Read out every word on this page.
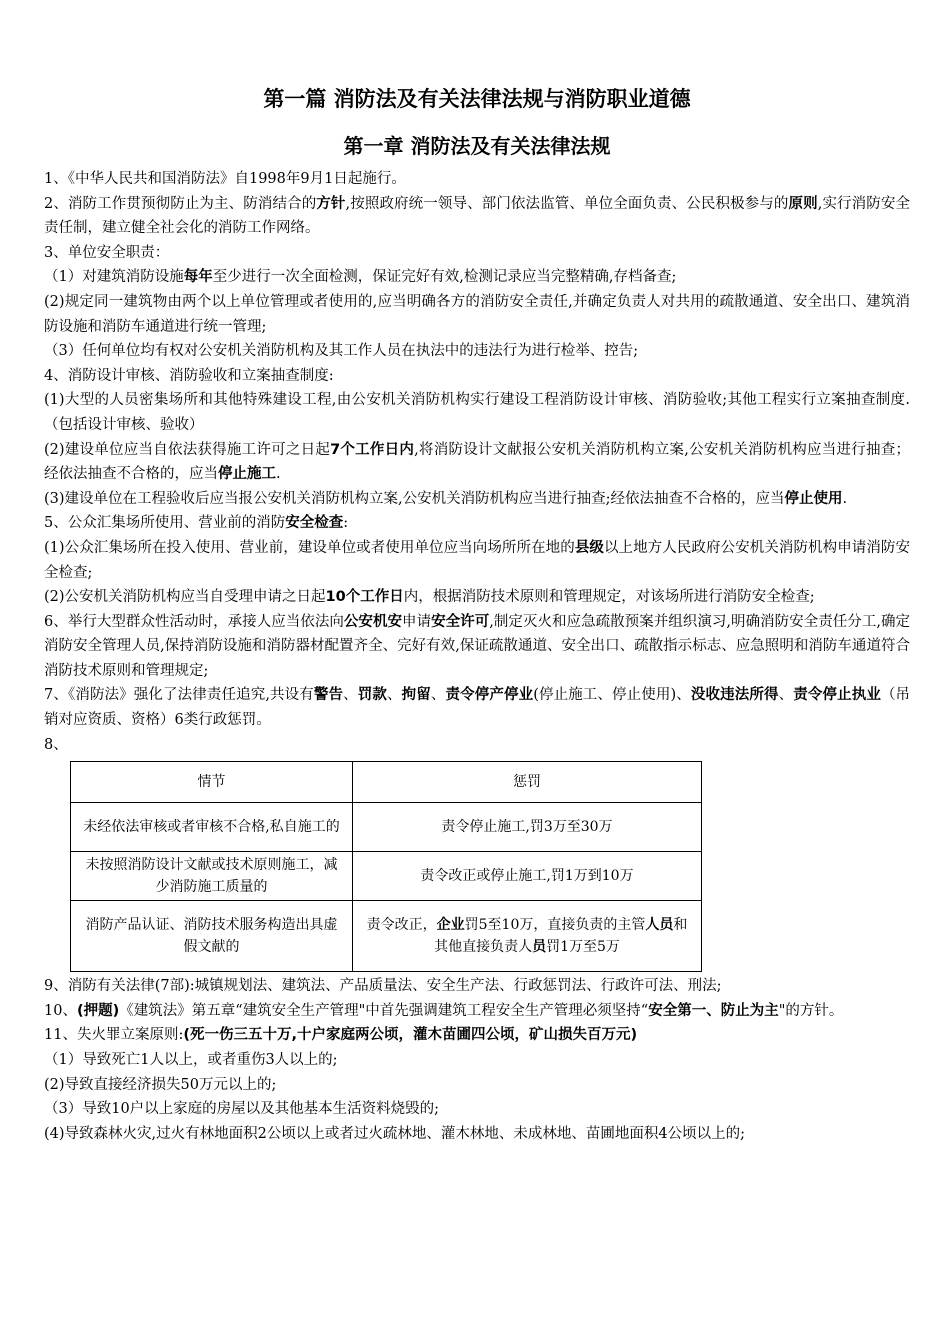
第一篇 消防法及有关法律法规与消防职业道德
第一章 消防法及有关法律法规

1、《中华人民共和国消防法》自1998年9月1日起施行。

2、消防工作贯预彻防止为主、防消结合的方针,按照政府统一领导、部门依法监管、单位全面负责、公民积极参与的原则,实行消防安全责任制，建立健全社会化的消防工作网络。

3、单位安全职责：

（1）对建筑消防设施每年至少进行一次全面检测，保证完好有效,检测记录应当完整精确,存档备查;

(2)规定同一建筑物由两个以上单位管理或者使用的,应当明确各方的消防安全责任,并确定负责人对共用的疏散通道、安全出口、建筑消防设施和消防车通道进行统一管理;

（3）任何单位均有权对公安机关消防机构及其工作人员在执法中的违法行为进行检举、控告;

4、消防设计审核、消防验收和立案抽查制度:

(1)大型的人员密集场所和其他特殊建设工程,由公安机关消防机构实行建设工程消防设计审核、消防验收;其他工程实行立案抽查制度.（包括设计审核、验收）

(2)建设单位应当自依法获得施工许可之日起7个工作日内,将消防设计文献报公安机关消防机构立案,公安机关消防机构应当进行抽查；经依法抽查不合格的，应当停止施工.

(3)建设单位在工程验收后应当报公安机关消防机构立案,公安机关消防机构应当进行抽查;经依法抽查不合格的，应当停止使用.

5、公众汇集场所使用、营业前的消防安全检查:

(1)公众汇集场所在投入使用、营业前，建设单位或者使用单位应当向场所所在地的县级以上地方人民政府公安机关消防机构申请消防安全检查;

(2)公安机关消防机构应当自受理申请之日起10个工作日内，根据消防技术原则和管理规定，对该场所进行消防安全检查;

6、举行大型群众性活动时，承接人应当依法向公安机安申请安全许可,制定灭火和应急疏散预案并组织演习,明确消防安全责任分工,确定消防安全管理人员,保持消防设施和消防器材配置齐全、完好有效,保证疏散通道、安全出口、疏散指示标志、应急照明和消防车通道符合消防技术原则和管理规定;

7、《消防法》强化了法律责任追究,共设有警告、罚款、拘留、责令停产停业(停止施工、停止使用)、没收违法所得、责令停止执业（吊销对应资质、资格）6类行政惩罚。

8、

情节	惩罚
未经依法审核或者审核不合格,私自施工的	责令停止施工,罚3万至30万
未按照消防设计文献或技术原则施工，减少消防施工质量的	责令改正或停止施工,罚1万到10万
消防产品认证、消防技术服务构造出具虚假文献的	责令改正，企业罚5至10万，直接负责的主管人员和其他直接负责人员罚1万至5万

9、消防有关法律(7部):城镇规划法、建筑法、产品质量法、安全生产法、行政惩罚法、行政许可法、刑法;

10、(押题)《建筑法》第五章“建筑安全生产管理"中首先强调建筑工程安全生产管理必须坚持“安全第一、防止为主"的方针。

11、失火罪立案原则:(死一伤三五十万,十户家庭两公顷，灌木苗圃四公顷，矿山损失百万元)

（1）导致死亡1人以上，或者重伤3人以上的;

(2)导致直接经济损失50万元以上的;

（3）导致10户以上家庭的房屋以及其他基本生活资料烧毁的;

(4)导致森林火灾,过火有林地面积2公顷以上或者过火疏林地、灌木林地、未成林地、苗圃地面积4公顷以上的;
